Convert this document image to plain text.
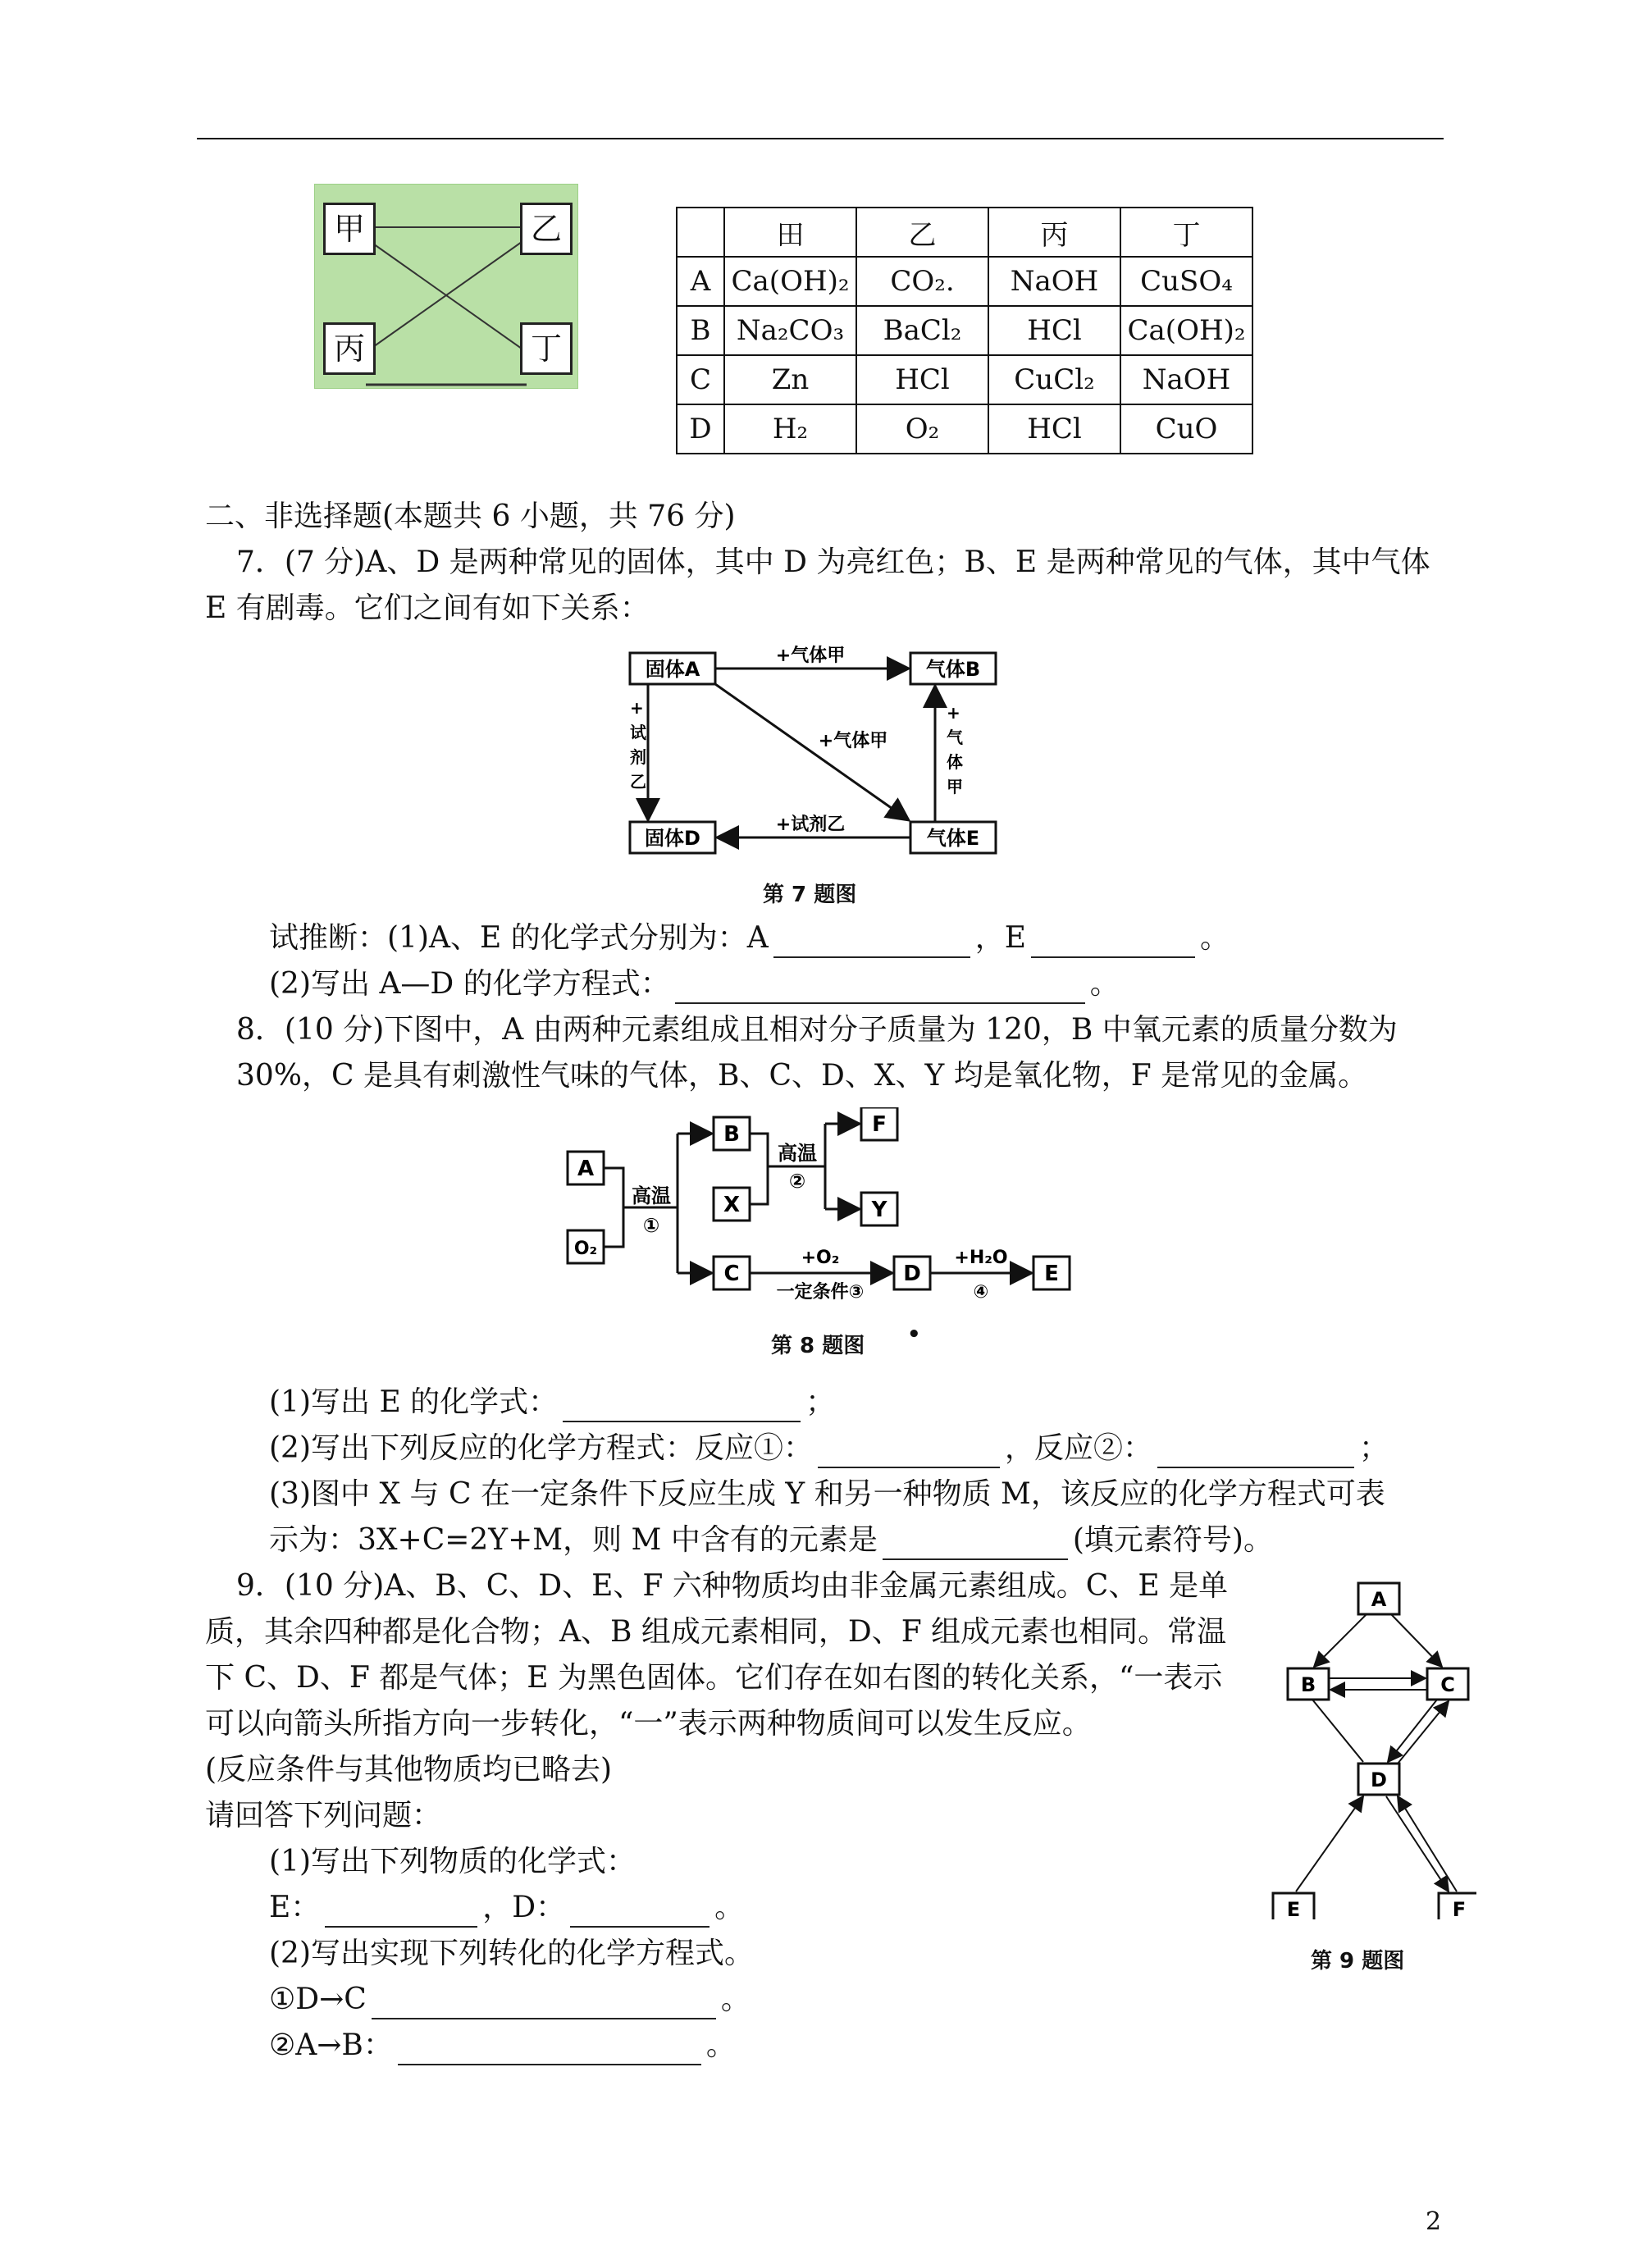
甲	乙
丙	丁
	田	乙	丙	丁
A	Ca(OH)₂	CO₂.	NaOH	CuSO₄
B	Na₂CO₃	BaCl₂	HCl	Ca(OH)₂
C	Zn	HCl	CuCl₂	NaOH
D	H₂	O₂	HCl	CuO
二、非选择题(本题共 6 小题，共 76 分)
7．(7 分)A、D 是两种常见的固体，其中 D 为亮红色；B、E 是两种常见的气体，其中气体
E 有剧毒。它们之间有如下关系：
固体A	气体B
固体D	气体E
+气体甲
+气体甲
+
试
剂
乙
+
气
体
甲
+试剂乙
第 7 题图
试推断：(1)A、E 的化学式分别为：A	，E	。
(2)写出 A—D 的化学方程式：	。
8．(10 分)下图中，A 由两种元素组成且相对分子质量为 120，B 中氧元素的质量分数为
30%，C 是具有刺激性气味的气体，B、C、D、X、Y 均是氧化物，F 是常见的金属。
A
O₂
B
X
F
Y
C	D	E
高温
①
高温
②
+O₂
一定条件③
+H₂O
④
第 8 题图 •
(1)写出 E 的化学式：	；
(2)写出下列反应的化学方程式：反应①：	，反应②：	；
(3)图中 X 与 C 在一定条件下反应生成 Y 和另一种物质 M，该反应的化学方程式可表
示为：3X+C=2Y+M，则 M 中含有的元素是	(填元素符号)。
9．(10 分)A、B、C、D、E、F 六种物质均由非金属元素组成。C、E 是单
质，其余四种都是化合物；A、B 组成元素相同，D、F 组成元素也相同。常温
下 C、D、F 都是气体；E 为黑色固体。它们存在如右图的转化关系，“一表示
可以向箭头所指方向一步转化，“一”表示两种物质间可以发生反应。
(反应条件与其他物质均已略去)
请回答下列问题：
(1)写出下列物质的化学式：
E：	，D：	。
(2)写出实现下列转化的化学方程式。
①D→C	。
②A→B：	。
A
B	C
D
E	F
第 9 题图
2
